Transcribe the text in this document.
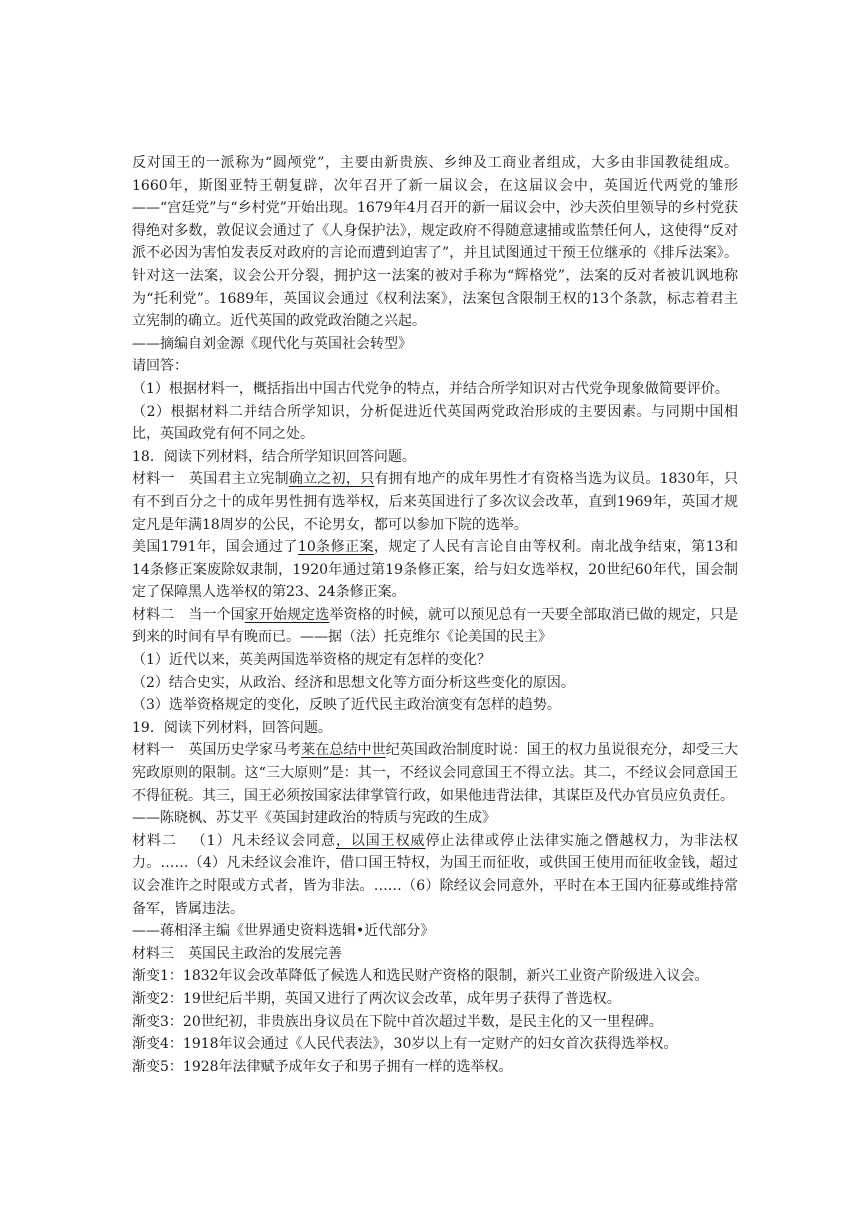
反对国王的一派称为“圆颅党”，主要由新贵族、乡绅及工商业者组成，大多由非国教徒组成。1660年，斯图亚特王朝复辟，次年召开了新一届议会，在这届议会中，英国近代两党的雏形——“宫廷党”与“乡村党”开始出现。1679年4月召开的新一届议会中，沙夫茨伯里领导的乡村党获得绝对多数，敦促议会通过了《人身保护法》，规定政府不得随意逮捕或监禁任何人，这使得“反对派不必因为害怕发表反对政府的言论而遭到迫害了”，并且试图通过干预王位继承的《排斥法案》。针对这一法案，议会公开分裂，拥护这一法案的被对手称为“辉格党”，法案的反对者被讥讽地称为“托利党”。1689年，英国议会通过《权利法案》，法案包含限制王权的13个条款，标志着君主立宪制的确立。近代英国的政党政治随之兴起。

——摘编自刘金源《现代化与英国社会转型》

请回答：

（1）根据材料一，概括指出中国古代党争的特点，并结合所学知识对古代党争现象做简要评价。

（2）根据材料二并结合所学知识，分析促进近代英国两党政治形成的主要因素。与同期中国相比，英国政党有何不同之处。

18．阅读下列材料，结合所学知识回答问题。

材料一 英国君主立宪制确立之初，只有拥有地产的成年男性才有资格当选为议员。1830年，只有不到百分之十的成年男性拥有选举权，后来英国进行了多次议会改革，直到1969年，英国才规定凡是年满18周岁的公民，不论男女，都可以参加下院的选举。

美国1791年，国会通过了10条修正案，规定了人民有言论自由等权利。南北战争结束，第13和14条修正案废除奴隶制，1920年通过第19条修正案，给与妇女选举权，20世纪60年代，国会制定了保障黑人选举权的第23、24条修正案。

材料二 当一个国家开始规定选举资格的时候，就可以预见总有一天要全部取消已做的规定，只是到来的时间有早有晚而已。——据（法）托克维尔《论美国的民主》

（1）近代以来，英美两国选举资格的规定有怎样的变化？

（2）结合史实，从政治、经济和思想文化等方面分析这些变化的原因。

（3）选举资格规定的变化，反映了近代民主政治演变有怎样的趋势。

19．阅读下列材料，回答问题。

材料一 英国历史学家马考莱在总结中世纪英国政治制度时说：国王的权力虽说很充分，却受三大宪政原则的限制。这“三大原则”是：其一，不经议会同意国王不得立法。其二，不经议会同意国王不得征税。其三，国王必须按国家法律掌管行政，如果他违背法律，其谋臣及代办官员应负责任。

——陈晓枫、苏艾平《英国封建政治的特质与宪政的生成》

材料二 （1）凡未经议会同意，以国王权威停止法律或停止法律实施之僭越权力，为非法权力。……（4）凡未经议会准许，借口国王特权，为国王而征收，或供国王使用而征收金钱，超过议会准许之时限或方式者，皆为非法。……（6）除经议会同意外，平时在本王国内征募或维持常备军，皆属违法。

——蒋相泽主编《世界通史资料选辑•近代部分》

材料三 英国民主政治的发展完善

渐变1：1832年议会改革降低了候选人和选民财产资格的限制，新兴工业资产阶级进入议会。

渐变2：19世纪后半期，英国又进行了两次议会改革，成年男子获得了普选权。

渐变3：20世纪初，非贵族出身议员在下院中首次超过半数，是民主化的又一里程碑。

渐变4：1918年议会通过《人民代表法》，30岁以上有一定财产的妇女首次获得选举权。

渐变5：1928年法律赋予成年女子和男子拥有一样的选举权。
